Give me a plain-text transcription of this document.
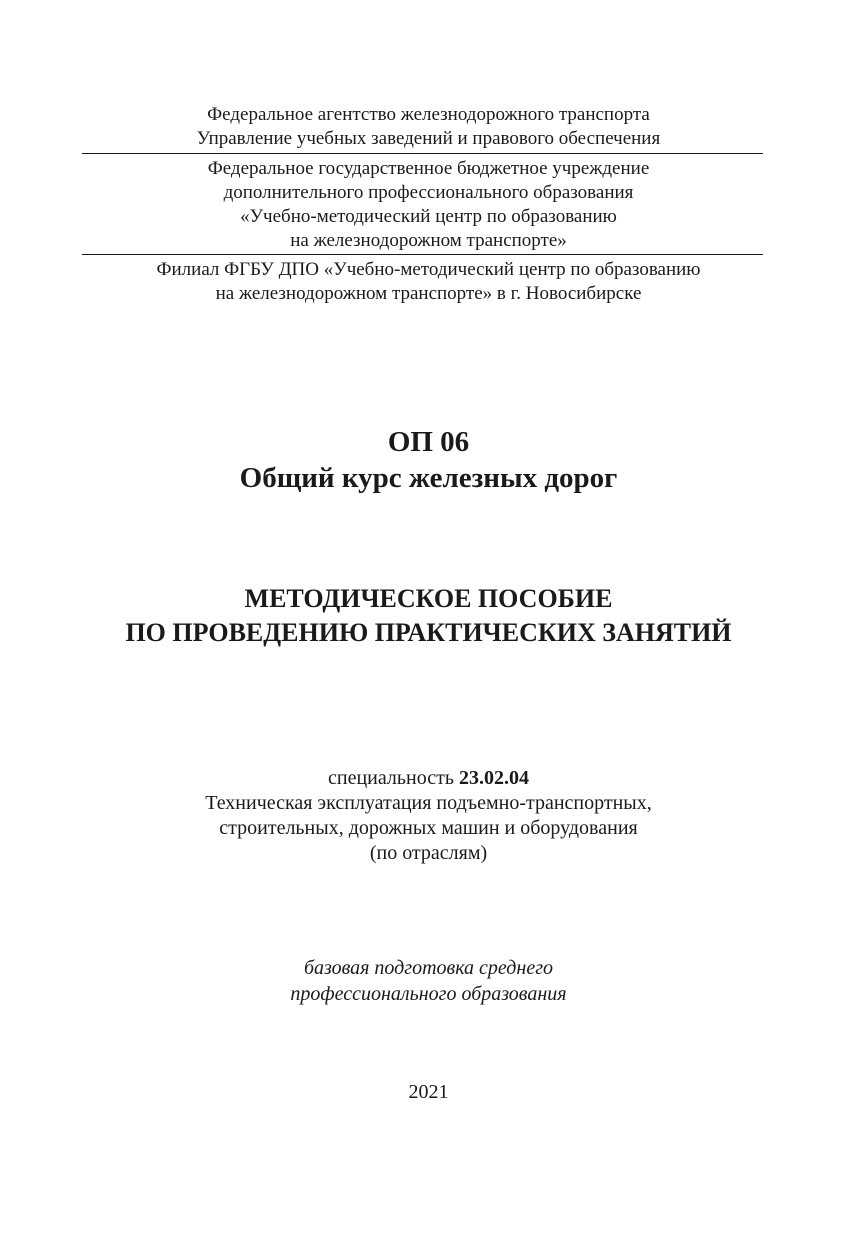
Федеральное агентство железнодорожного транспорта
Управление учебных заведений и правового обеспечения
Федеральное государственное бюджетное учреждение
дополнительного профессионального образования
«Учебно-методический центр по образованию
на железнодорожном транспорте»
Филиал ФГБУ ДПО «Учебно-методический центр по образованию
на железнодорожном транспорте» в г. Новосибирске
ОП 06
Общий курс железных дорог
МЕТОДИЧЕСКОЕ ПОСОБИЕ
ПО ПРОВЕДЕНИЮ ПРАКТИЧЕСКИХ ЗАНЯТИЙ
специальность 23.02.04
Техническая эксплуатация подъемно-транспортных,
строительных, дорожных машин и оборудования
(по отраслям)
базовая подготовка среднего
профессионального образования
2021
